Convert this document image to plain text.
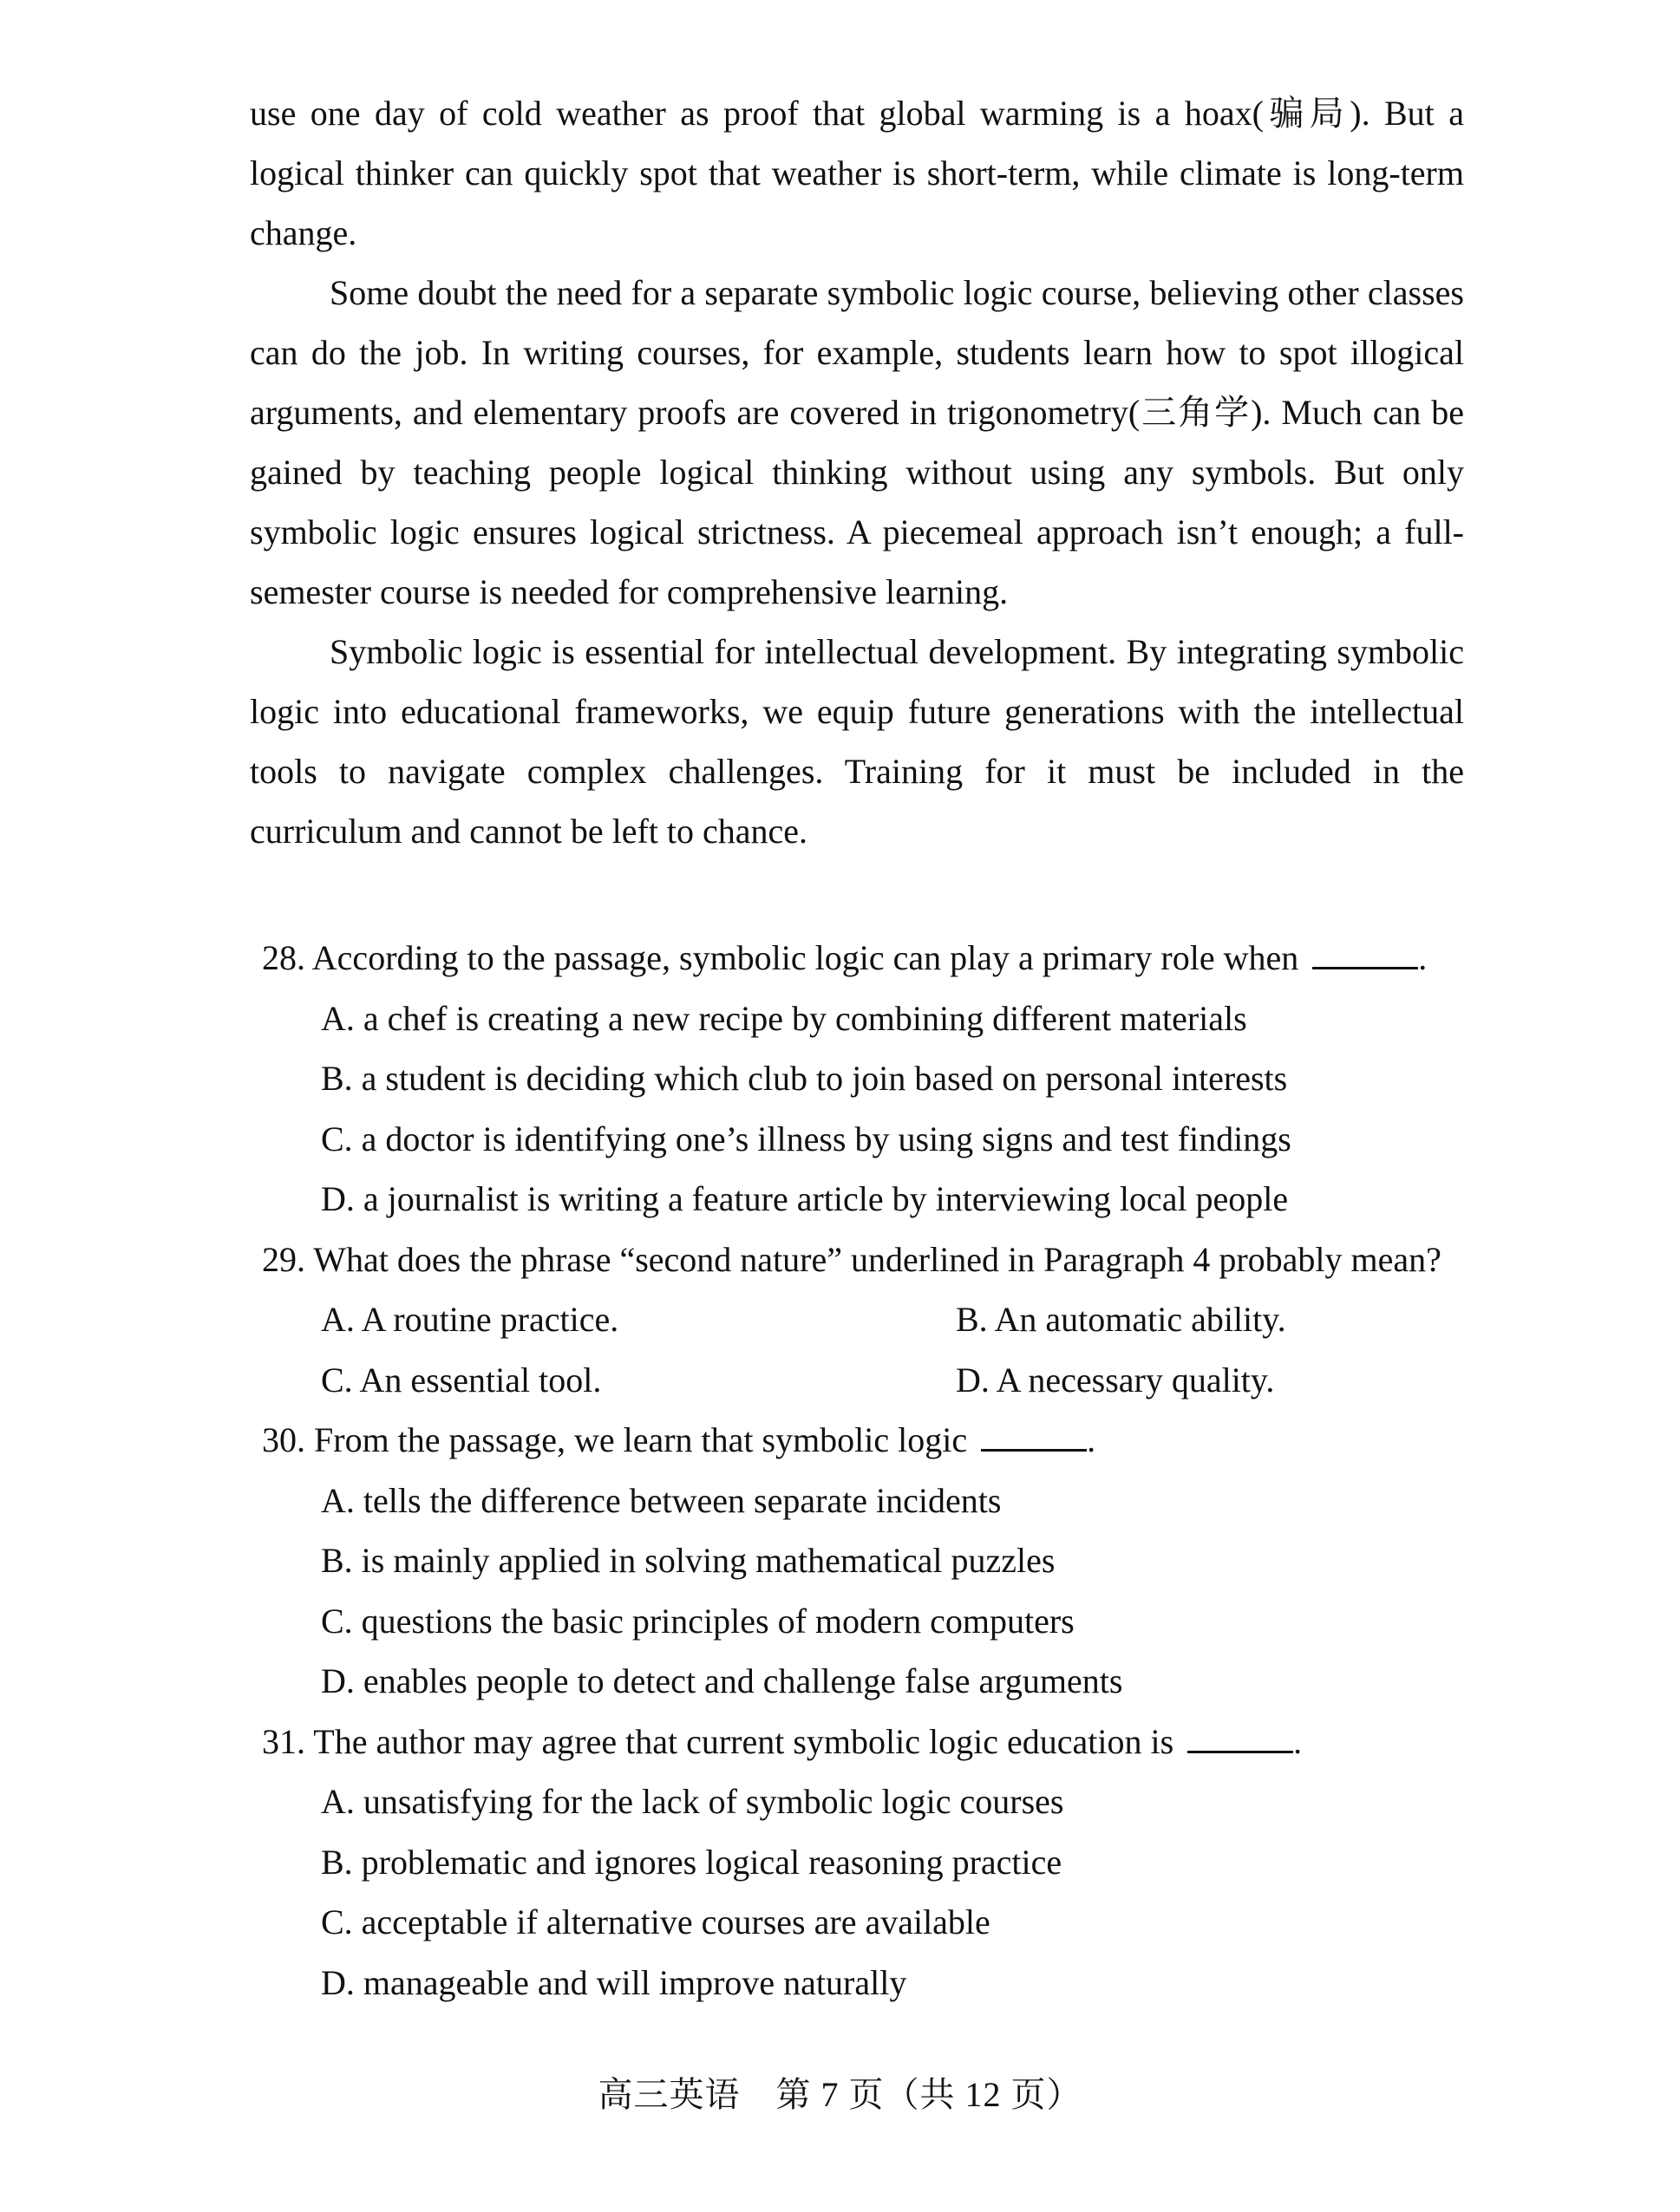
use one day of cold weather as proof that global warming is a hoax(骗局). But a logical thinker can quickly spot that weather is short-term, while climate is long-term change.

Some doubt the need for a separate symbolic logic course, believing other classes can do the job. In writing courses, for example, students learn how to spot illogical arguments, and elementary proofs are covered in trigonometry(三角学). Much can be gained by teaching people logical thinking without using any symbols. But only symbolic logic ensures logical strictness. A piecemeal approach isn’t enough; a full-semester course is needed for comprehensive learning.

Symbolic logic is essential for intellectual development. By integrating symbolic logic into educational frameworks, we equip future generations with the intellectual tools to navigate complex challenges. Training for it must be included in the curriculum and cannot be left to chance.

28. According to the passage, symbolic logic can play a primary role when	.
A. a chef is creating a new recipe by combining different materials
B. a student is deciding which club to join based on personal interests
C. a doctor is identifying one’s illness by using signs and test findings
D. a journalist is writing a feature article by interviewing local people
29. What does the phrase “second nature” underlined in Paragraph 4 probably mean?
A. A routine practice.	B. An automatic ability.
C. An essential tool.	D. A necessary quality.
30. From the passage, we learn that symbolic logic	.
A. tells the difference between separate incidents
B. is mainly applied in solving mathematical puzzles
C. questions the basic principles of modern computers
D. enables people to detect and challenge false arguments
31. The author may agree that current symbolic logic education is	.
A. unsatisfying for the lack of symbolic logic courses
B. problematic and ignores logical reasoning practice
C. acceptable if alternative courses are available
D. manageable and will improve naturally
高三英语　第 7 页（共 12 页）
